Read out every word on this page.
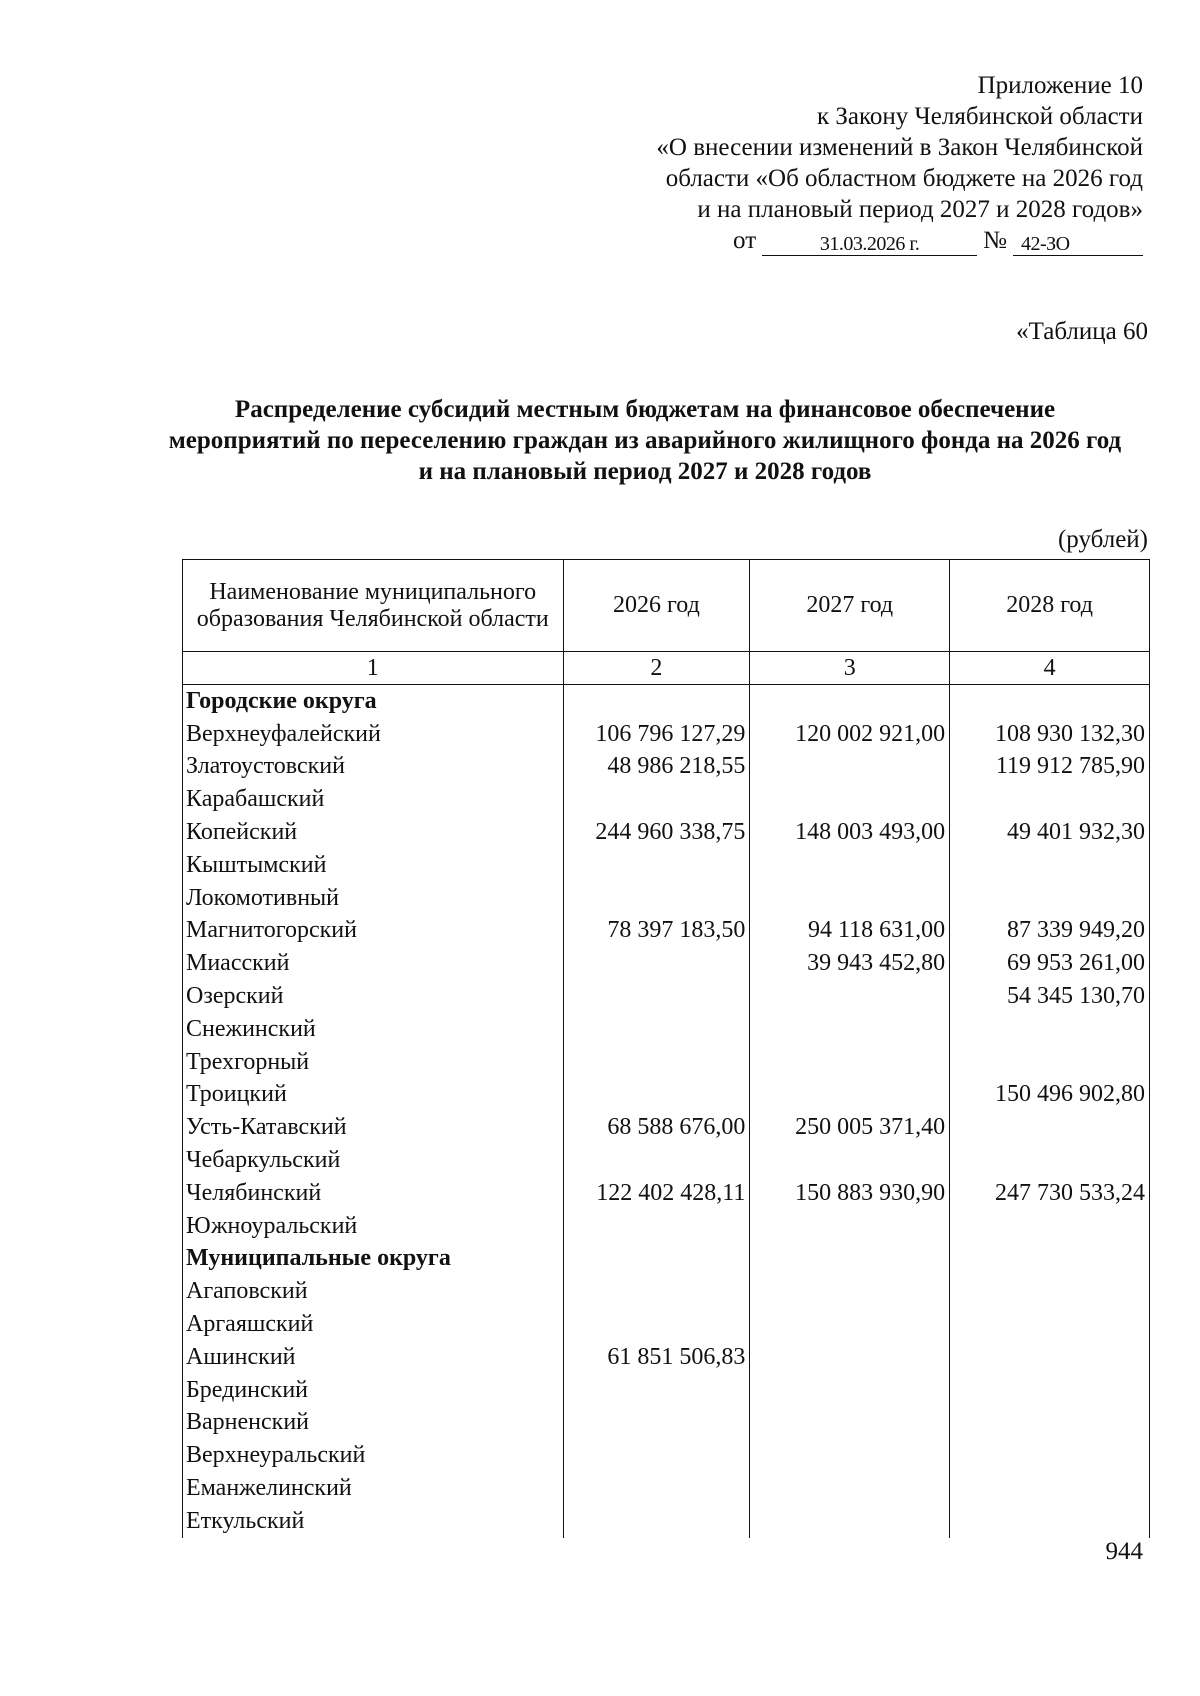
Приложение 10
к Закону Челябинской области
«О внесении изменений в Закон Челябинской
области «Об областном бюджете на 2026 год
и на плановый период 2027 и 2028 годов»
от	31.03.2026 г.	№ 42-ЗО
«Таблица 60
Распределение субсидий местным бюджетам на финансовое обеспечение мероприятий по переселению граждан из аварийного жилищного фонда на 2026 год и на плановый период 2027 и 2028 годов
(рублей)
Наименование муниципального образования Челябинской области	2026 год	2027 год	2028 год
1	2	3	4
Городские округа			
Верхнеуфалейский	106 796 127,29	120 002 921,00	108 930 132,30
Златоустовский	48 986 218,55		119 912 785,90
Карабашский			
Копейский	244 960 338,75	148 003 493,00	49 401 932,30
Кыштымский			
Локомотивный			
Магнитогорский	78 397 183,50	94 118 631,00	87 339 949,20
Миасский		39 943 452,80	69 953 261,00
Озерский			54 345 130,70
Снежинский			
Трехгорный			
Троицкий			150 496 902,80
Усть-Катавский	68 588 676,00	250 005 371,40	
Чебаркульский			
Челябинский	122 402 428,11	150 883 930,90	247 730 533,24
Южноуральский			
Муниципальные округа			
Агаповский			
Аргаяшский			
Ашинский	61 851 506,83		
Брединский			
Варненский			
Верхнеуральский			
Еманжелинский			
Еткульский			
944
